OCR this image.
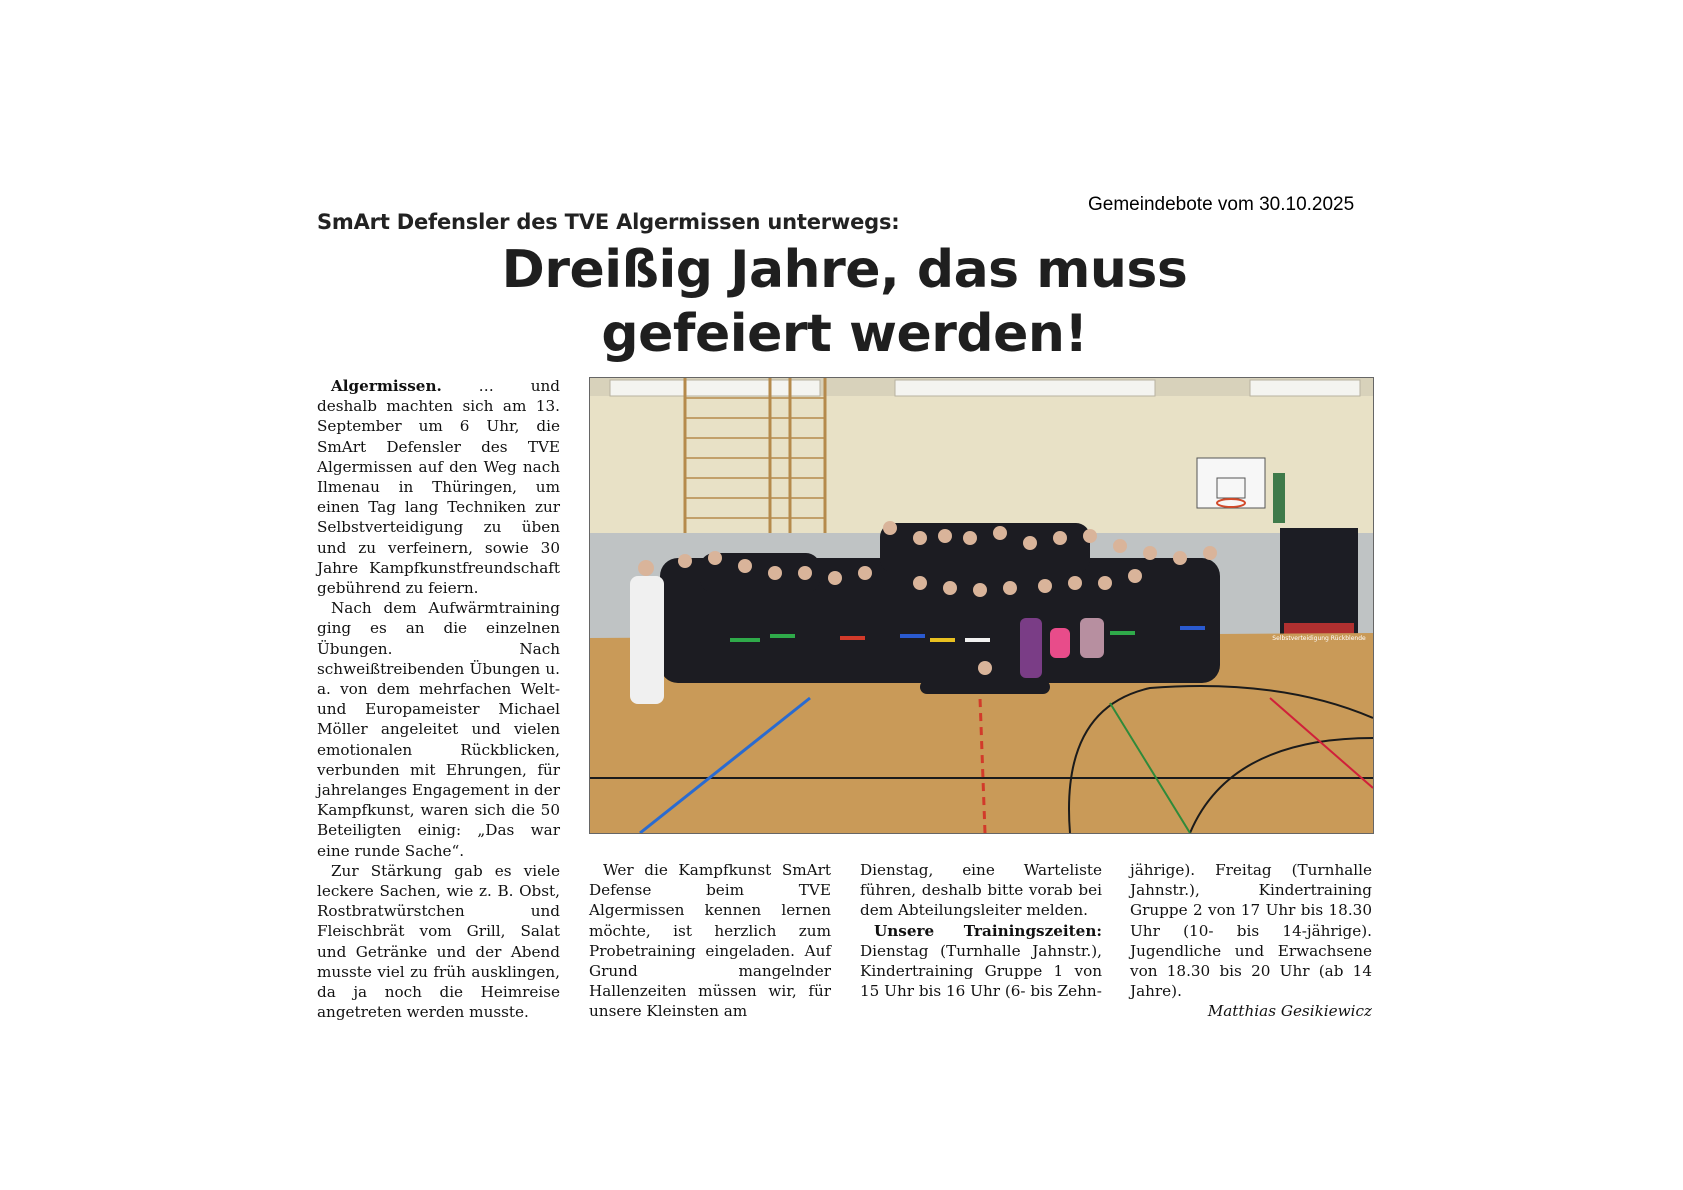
Gemeindebote vom 30.10.2025
SmArt Defensler des TVE Algermissen unterwegs:
Dreißig Jahre, das muss
gefeiert werden!
Selbstverteidigung Rückblende

Algermissen. … und deshalb machten sich am 13. September um 6 Uhr, die SmArt Defensler des TVE Algermissen auf den Weg nach Ilmenau in Thüringen, um einen Tag lang Techniken zur Selbstverteidigung zu üben und zu verfeinern, sowie 30 Jahre Kampfkunstfreundschaft gebührend zu feiern.

Nach dem Aufwärmtraining ging es an die einzelnen Übungen. Nach schweißtreibenden Übungen u. a. von dem mehrfachen Welt- und Europameister Michael Möller angeleitet und vielen emotionalen Rückblicken, verbunden mit Ehrungen, für jahrelanges Engagement in der Kampfkunst, waren sich die 50 Beteiligten einig: „Das war eine runde Sache“.

Zur Stärkung gab es viele leckere Sachen, wie z. B. Obst, Rostbratwürstchen und Fleischbrät vom Grill, Salat und Getränke und der Abend musste viel zu früh ausklingen, da ja noch die Heimreise angetreten werden musste.

Wer die Kampfkunst SmArt Defense beim TVE Algermissen kennen lernen möchte, ist herzlich zum Probetraining eingeladen. Auf Grund mangelnder Hallenzeiten müssen wir, für unsere Kleinsten am

Dienstag, eine Warteliste führen, deshalb bitte vorab bei dem Abteilungsleiter melden.

Unsere Trainingszeiten: Dienstag (Turnhalle Jahnstr.), Kindertraining Gruppe 1 von 15 Uhr bis 16 Uhr (6- bis Zehn-

jährige). Freitag (Turnhalle Jahnstr.), Kindertraining Gruppe 2 von 17 Uhr bis 18.30 Uhr (10- bis 14-jährige). Jugendliche und Erwachsene von 18.30 bis 20 Uhr (ab 14 Jahre).

Matthias Gesikiewicz
